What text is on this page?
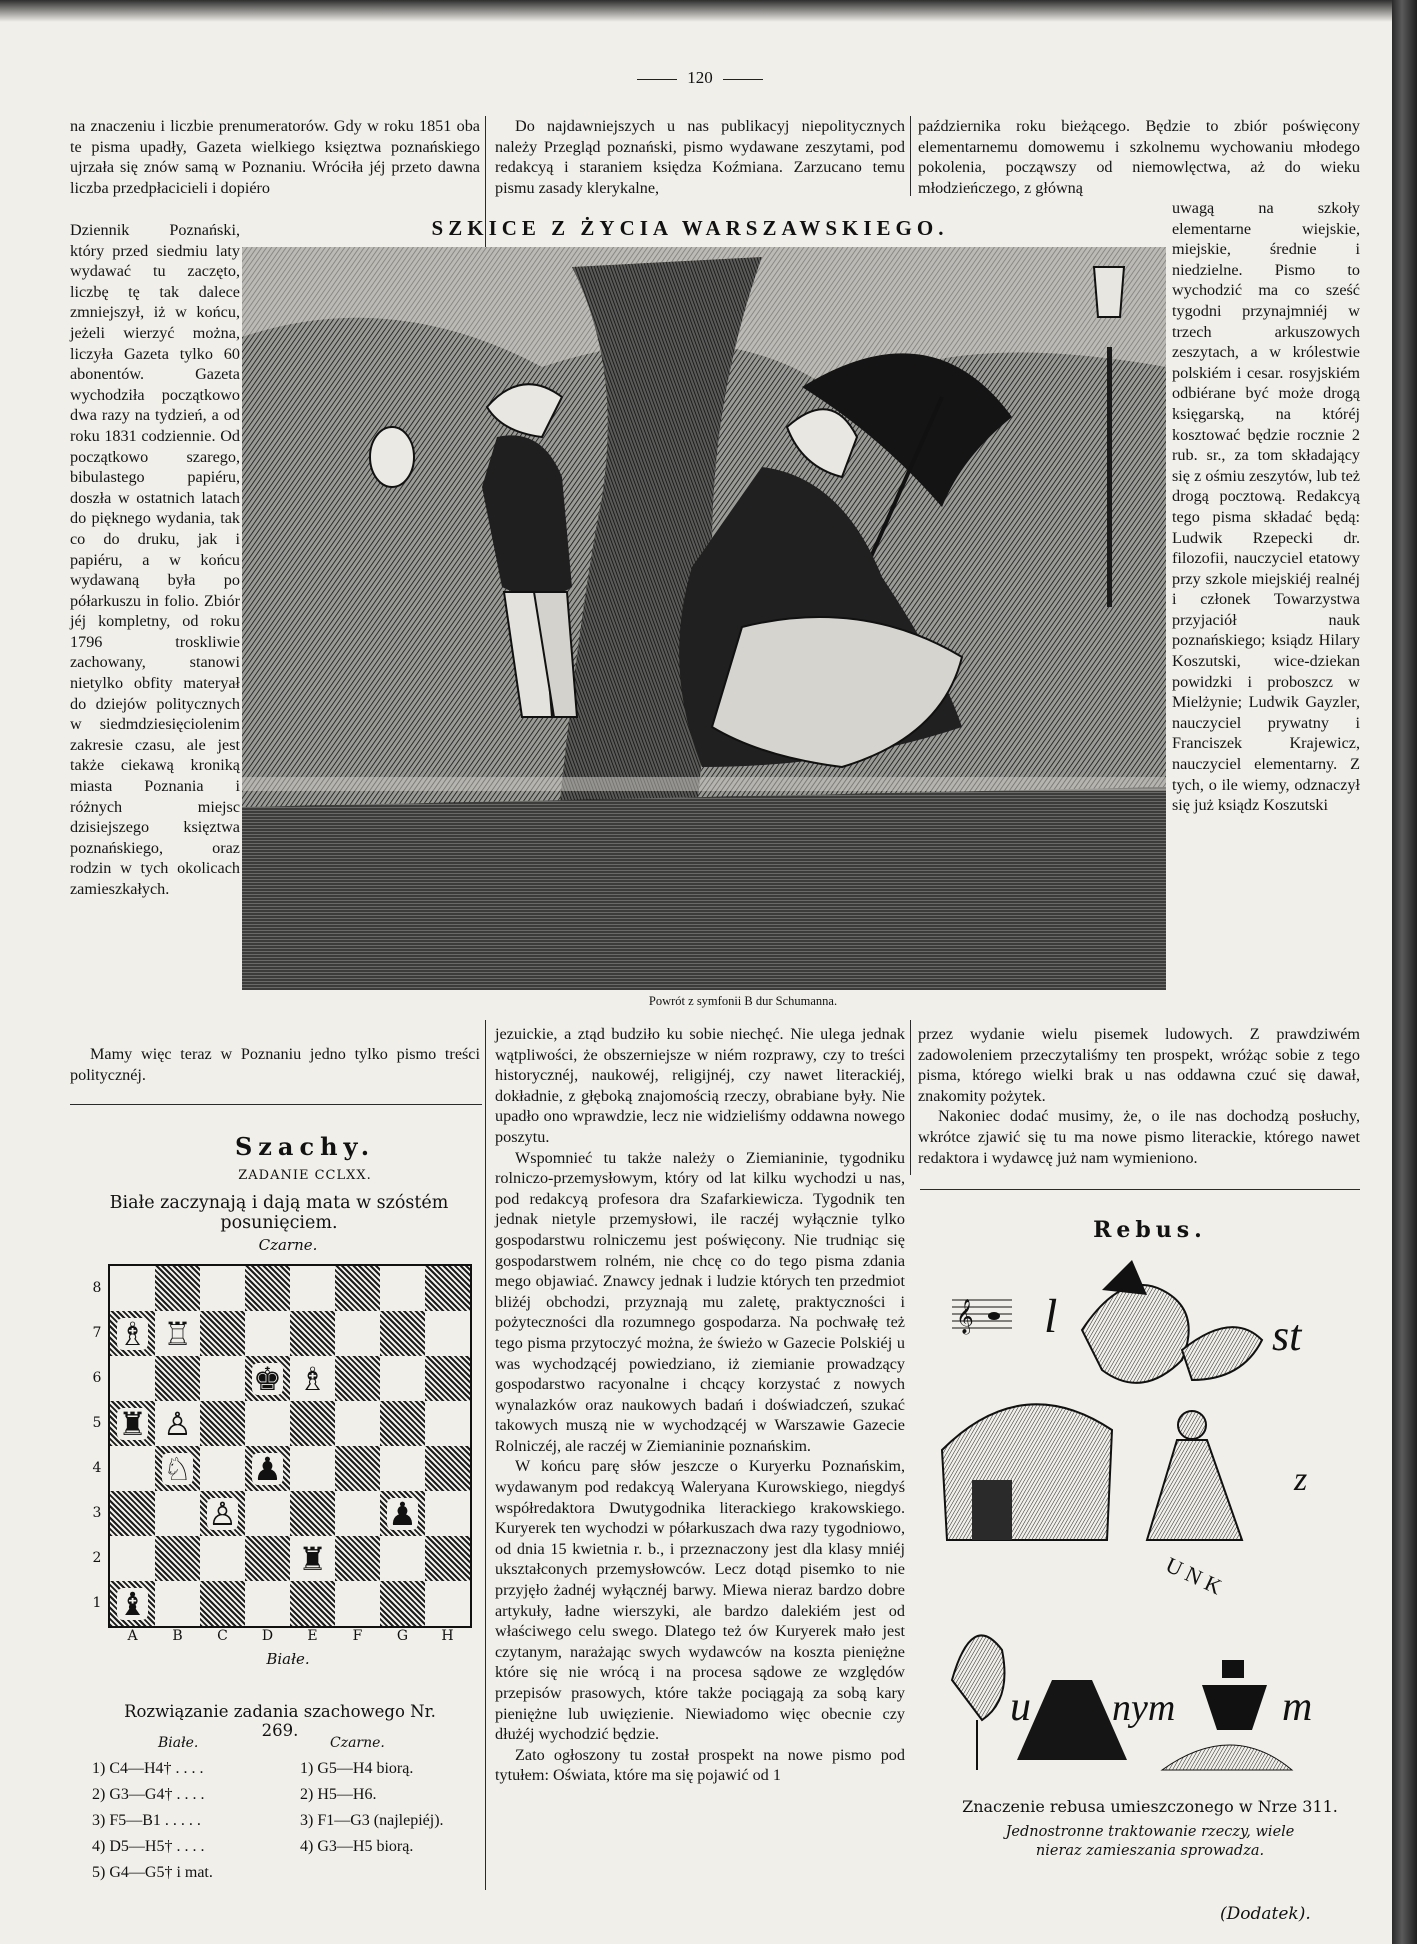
120

na znaczeniu i liczbie prenumeratorów. Gdy w roku 1851 oba te pisma upadły, Gazeta wielkiego księztwa poznańskiego ujrzała się znów samą w Poznaniu. Wróciła jéj przeto dawna liczba przedpłacicieli i dopiéro

Dziennik Poznański, który przed siedmiu laty wydawać tu zaczęto, liczbę tę tak dalece zmniejszył, iż w końcu, jeżeli wierzyć można, liczyła Gazeta tylko 60 abonentów. Gazeta wychodziła początkowo dwa razy na tydzień, a od roku 1831 codziennie. Od początkowo szarego, bibulastego papiéru, doszła w ostatnich latach do pięknego wydania, tak co do druku, jak i papiéru, a w końcu wydawaną była po półarkuszu in folio. Zbiór jéj kompletny, od roku 1796 troskliwie zachowany, stanowi nietylko obfity materyał do dziejów politycznych w siedmdziesięciolenim zakresie czasu, ale jest także ciekawą kroniką miasta Poznania i różnych miejsc dzisiejszego księztwa poznańskiego, oraz rodzin w tych okolicach zamieszkałych.

Mamy więc teraz w Poznaniu jedno tylko pismo treści politycznéj.

Do najdawniejszych u nas publikacyj niepolitycznych należy Przegląd poznański, pismo wydawane zeszytami, pod redakcyą i staraniem księdza Koźmiana. Zarzucano temu pismu zasady klerykalne,

października roku bieżącego. Będzie to zbiór poświęcony elementarnemu domowemu i szkolnemu wychowaniu młodego pokolenia, począwszy od niemowlęctwa, aż do wieku młodzieńczego, z główną

uwagą na szkoły elementarne wiejskie, miejskie, średnie i niedzielne. Pismo to wychodzić ma co sześć tygodni przynajmniéj w trzech arkuszowych zeszytach, a w królestwie polskiém i cesar. rosyjskiém odbiérane być może drogą księgarską, na któréj kosztować będzie rocznie 2 rub. sr., za tom składający się z ośmiu zeszytów, lub też drogą pocztową. Redakcyą tego pisma składać będą: Ludwik Rzepecki dr. filozofii, nauczyciel etatowy przy szkole miejskiéj realnéj i członek Towarzystwa przyjaciół nauk poznańskiego; ksiądz Hilary Koszutski, wice-dziekan powidzki i proboszcz w Mielżynie; Ludwik Gayzler, nauczyciel prywatny i Franciszek Krajewicz, nauczyciel elementarny. Z tych, o ile wiemy, odznaczył się już ksiądz Koszutski

SZKICE Z ŻYCIA WARSZAWSKIEGO.
Powrót z symfonii B dur Schumanna.

jezuickie, a ztąd budziło ku sobie niechęć. Nie ulega jednak wątpliwości, że obszerniejsze w niém rozprawy, czy to treści historycznéj, naukowéj, religijnéj, czy nawet literackiéj, dokładnie, z głęboką znajomością rzeczy, obrabiane były. Nie upadło ono wprawdzie, lecz nie widzieliśmy oddawna nowego poszytu.

Wspomnieć tu także należy o Ziemianinie, tygodniku rolniczo-przemysłowym, który od lat kilku wychodzi u nas, pod redakcyą profesora dra Szafarkiewicza. Tygodnik ten jednak nietyle przemysłowi, ile raczéj wyłącznie tylko gospodarstwu rolniczemu jest poświęcony. Nie trudniąc się gospodarstwem rolném, nie chcę co do tego pisma zdania mego objawiać. Znawcy jednak i ludzie których ten przedmiot bliżéj obchodzi, przyznają mu zaletę, praktyczności i pożyteczności dla rozumnego gospodarza. Na pochwałę też tego pisma przytoczyć można, że świeżo w Gazecie Polskiéj u was wychodzącéj powiedziano, iż ziemianie prowadzący gospodarstwo racyonalne i chcący korzystać z nowych wynalazków oraz naukowych badań i doświadczeń, szukać takowych muszą nie w wychodzącéj w Warszawie Gazecie Rolniczéj, ale raczéj w Ziemianinie poznańskim.

W końcu parę słów jeszcze o Kuryerku Poznańskim, wydawanym pod redakcyą Waleryana Kurowskiego, niegdyś współredaktora Dwutygodnika literackiego krakowskiego. Kuryerek ten wychodzi w półarkuszach dwa razy tygodniowo, od dnia 15 kwietnia r. b., i przeznaczony jest dla klasy mniéj ukształconych przemysłowców. Lecz dotąd pisemko to nie przyjęło żadnéj wyłącznéj barwy. Miewa nieraz bardzo dobre artykuły, ładne wierszyki, ale bardzo dalekiém jest od właściwego celu swego. Dlatego też ów Kuryerek mało jest czytanym, narażając swych wydawców na koszta pieniężne które się nie wrócą i na procesa sądowe ze względów przepisów prasowych, które także pociągają za sobą kary pieniężne lub uwięzienie. Niewiadomo więc obecnie czy dłużéj wychodzić będzie.

Zato ogłoszony tu został prospekt na nowe pismo pod tytułem: Oświata, które ma się pojawić od 1

przez wydanie wielu pisemek ludowych. Z prawdziwém zadowoleniem przeczytaliśmy ten prospekt, wróżąc sobie z tego pisma, którego wielki brak u nas oddawna czuć się dawał, znakomity pożytek.

Nakoniec dodać musimy, że, o ile nas dochodzą posłuchy, wkrótce zjawić się tu ma nowe pismo literackie, którego nawet redaktora i wydawcę już nam wymieniono.

Szachy.
ZADANIE CCLXX.
Białe zaczynają i dają mata w szóstém posunięciem.
Czarne.
♗ ♖
♚ ♗
♜ ♙
♘ ♟
♙	♟
♜
♝
8
7
6
5
4
3
2
1
A	B	C	D	E	F	G	H
Białe.
Rozwiązanie zadania szachowego Nr. 269.
Białe.	Czarne.
1) C4—H4† . . . .	1) G5—H4 biorą.
2) G3—G4† . . . .	2) H5—H6.
3) F5—B1 . . . . .	3) F1—G3 (najlepiéj).
4) D5—H5† . . . .	4) G3—H5 biorą.
5) G4—G5† i mat.
Rebus.
𝄞 l	st
U N K
z
u nym	m
Znaczenie rebusa umieszczonego w Nrze 311.
Jednostronne traktowanie rzeczy, wiele nieraz zamieszania sprowadza.
(Dodatek).
